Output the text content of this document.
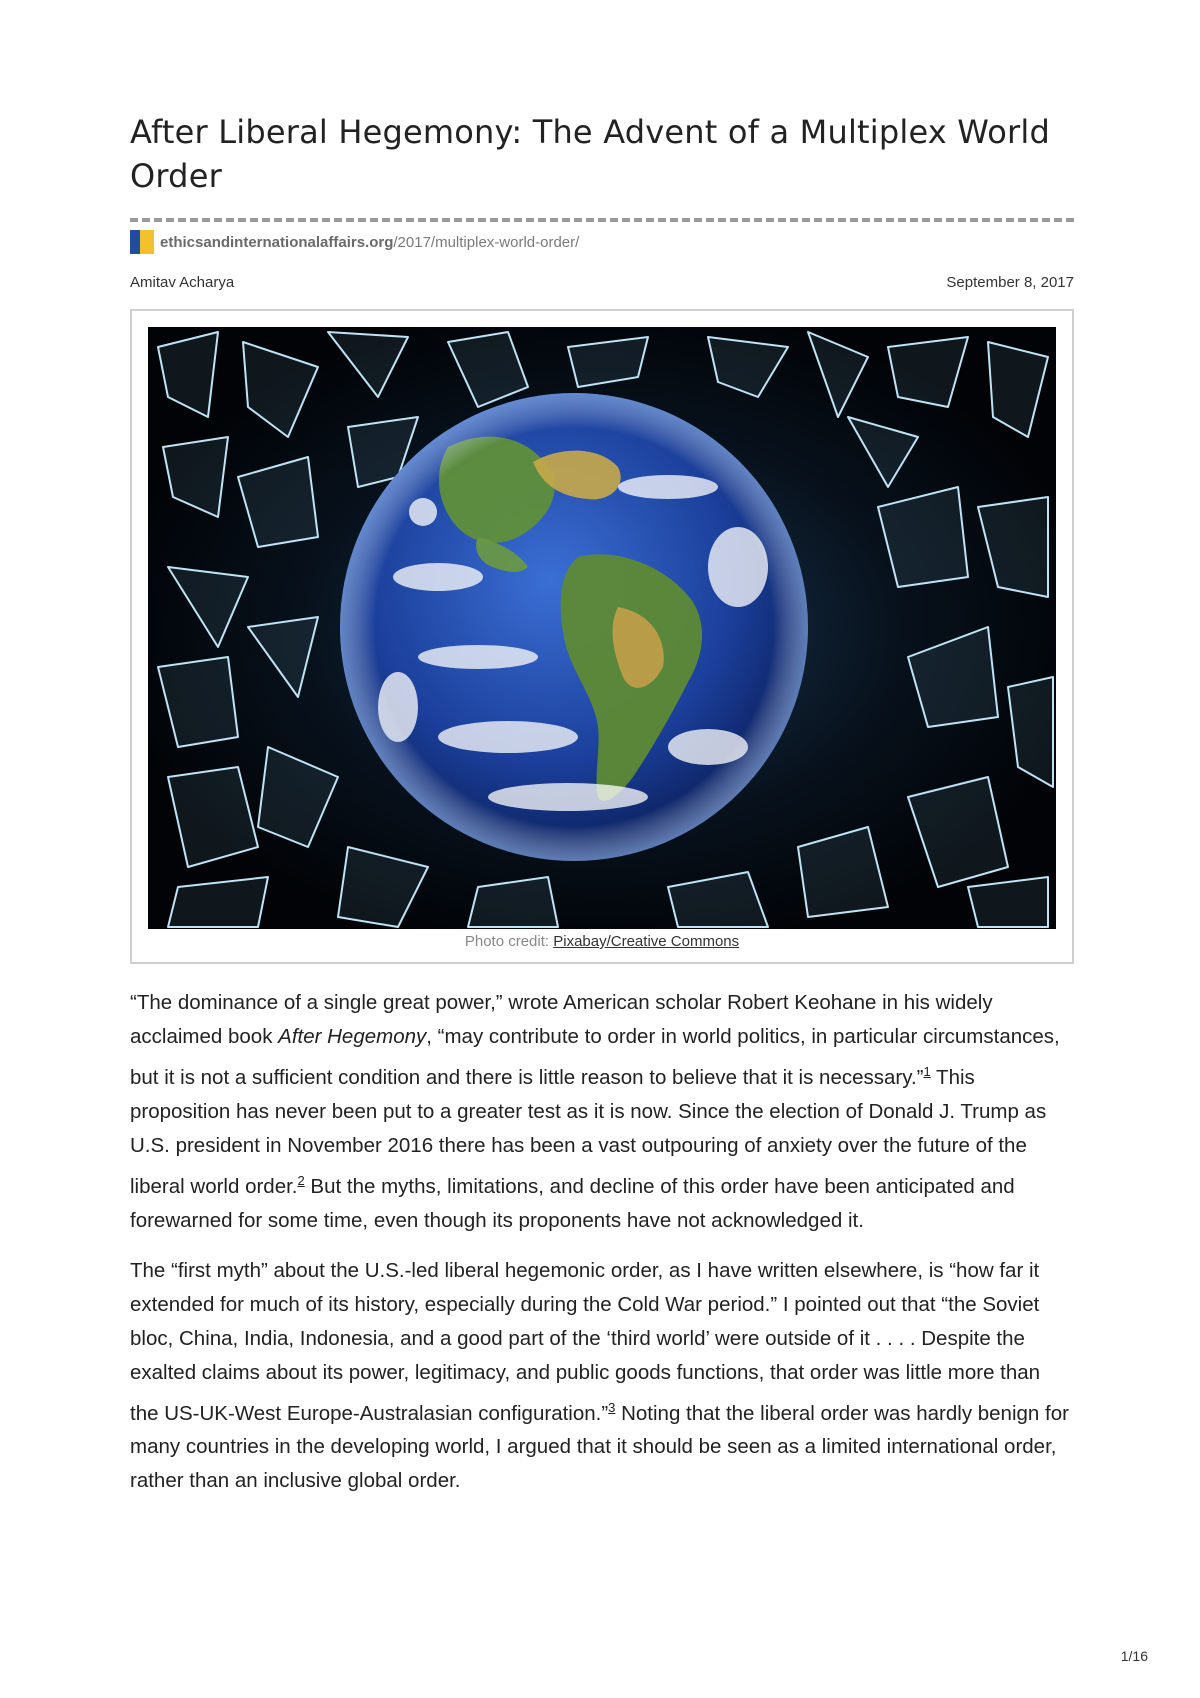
After Liberal Hegemony: The Advent of a Multiplex World Order
ethicsandinternationalaffairs.org /2017/multiplex-world-order/
Amitav Acharya	September 8, 2017
Photo credit: Pixabay/Creative Commons

“The dominance of a single great power,” wrote American scholar Robert Keohane in his widely acclaimed book After Hegemony, “may contribute to order in world politics, in particular circumstances, but it is not a sufficient condition and there is little reason to believe that it is necessary.”$^1$ This proposition has never been put to a greater test as it is now. Since the election of Donald J. Trump as U.S. president in November 2016 there has been a vast outpouring of anxiety over the future of the liberal world order.$^2$ But the myths, limitations, and decline of this order have been anticipated and forewarned for some time, even though its proponents have not acknowledged it.

The “first myth” about the U.S.-led liberal hegemonic order, as I have written elsewhere, is “how far it extended for much of its history, especially during the Cold War period.” I pointed out that “the Soviet bloc, China, India, Indonesia, and a good part of the ‘third world’ were outside of it . . . . Despite the exalted claims about its power, legitimacy, and public goods functions, that order was little more than the US-UK-West Europe-Australasian configuration.”$^3$ Noting that the liberal order was hardly benign for many countries in the developing world, I argued that it should be seen as a limited international order, rather than an inclusive global order.

1/16
